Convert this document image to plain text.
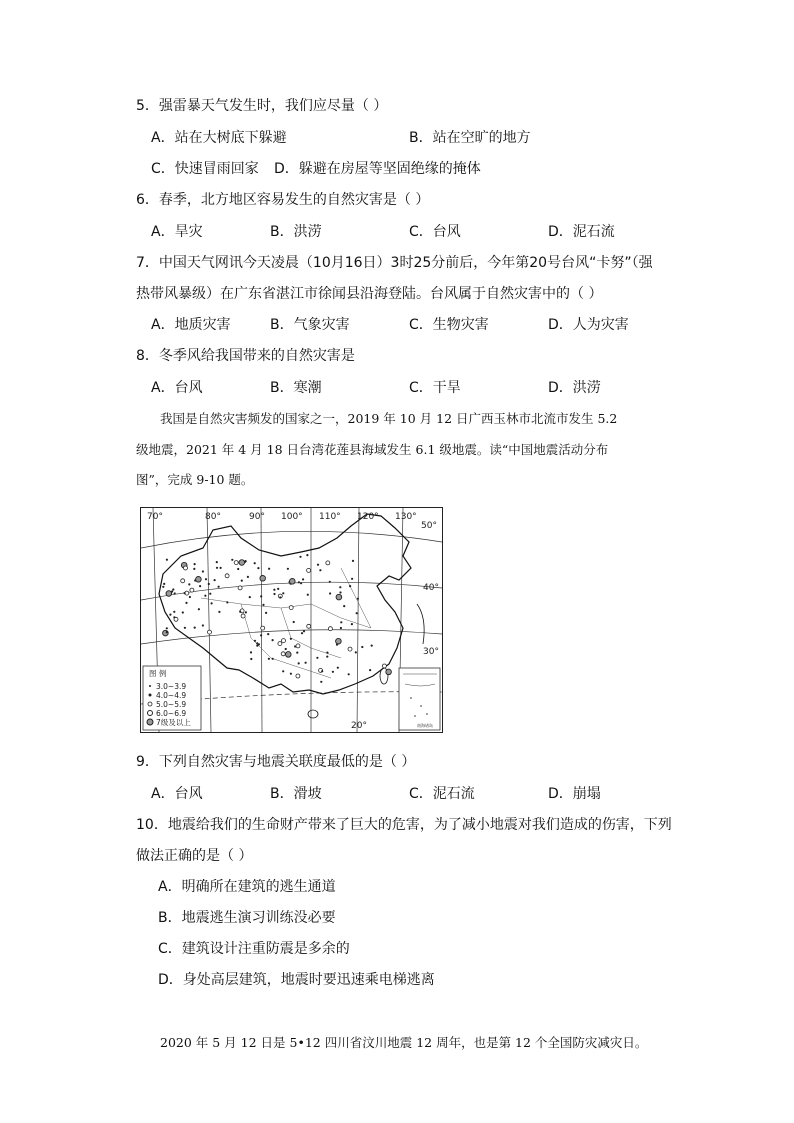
5．强雷暴天气发生时，我们应尽量（ ）
A．站在大树底下躲避	B．站在空旷的地方
C．快速冒雨回家 D．躲避在房屋等坚固绝缘的掩体
6．春季，北方地区容易发生的自然灾害是（ ）
A．旱灾	B．洪涝	C．台风	D．泥石流
7．中国天气网讯今天凌晨（10月16日）3时25分前后，今年第20号台风“卡努”（强
热带风暴级）在广东省湛江市徐闻县沿海登陆。台风属于自然灾害中的（ ）
A．地质灾害	B．气象灾害	C．生物灾害	D．人为灾害
8．冬季风给我国带来的自然灾害是
A．台风	B．寒潮	C．干旱	D．洪涝
我国是自然灾害频发的国家之一，2019 年 10 月 12 日广西玉林市北流市发生 5.2
级地震，2021 年 4 月 18 日台湾花莲县海域发生 6.1 级地震。读“中国地震活动分布
图”，完成 9-10 题。
70°	80°	90° 100° 110° 120° 130°
50°
40°
30°
20°
图 例
3.0~3.9
4.0~4.9
5.0~5.9
6.0~6.9
7级及以上	南海诸岛
9．下列自然灾害与地震关联度最低的是（ ）
A．台风	B．滑坡	C．泥石流	D．崩塌
10．地震给我们的生命财产带来了巨大的危害，为了减小地震对我们造成的伤害，下列
做法正确的是（ ）
A．明确所在建筑的逃生通道
B．地震逃生演习训练没必要
C．建筑设计注重防震是多余的
D．身处高层建筑，地震时要迅速乘电梯逃离
2020 年 5 月 12 日是 5•12 四川省汶川地震 12 周年，也是第 12 个全国防灾减灾日。
